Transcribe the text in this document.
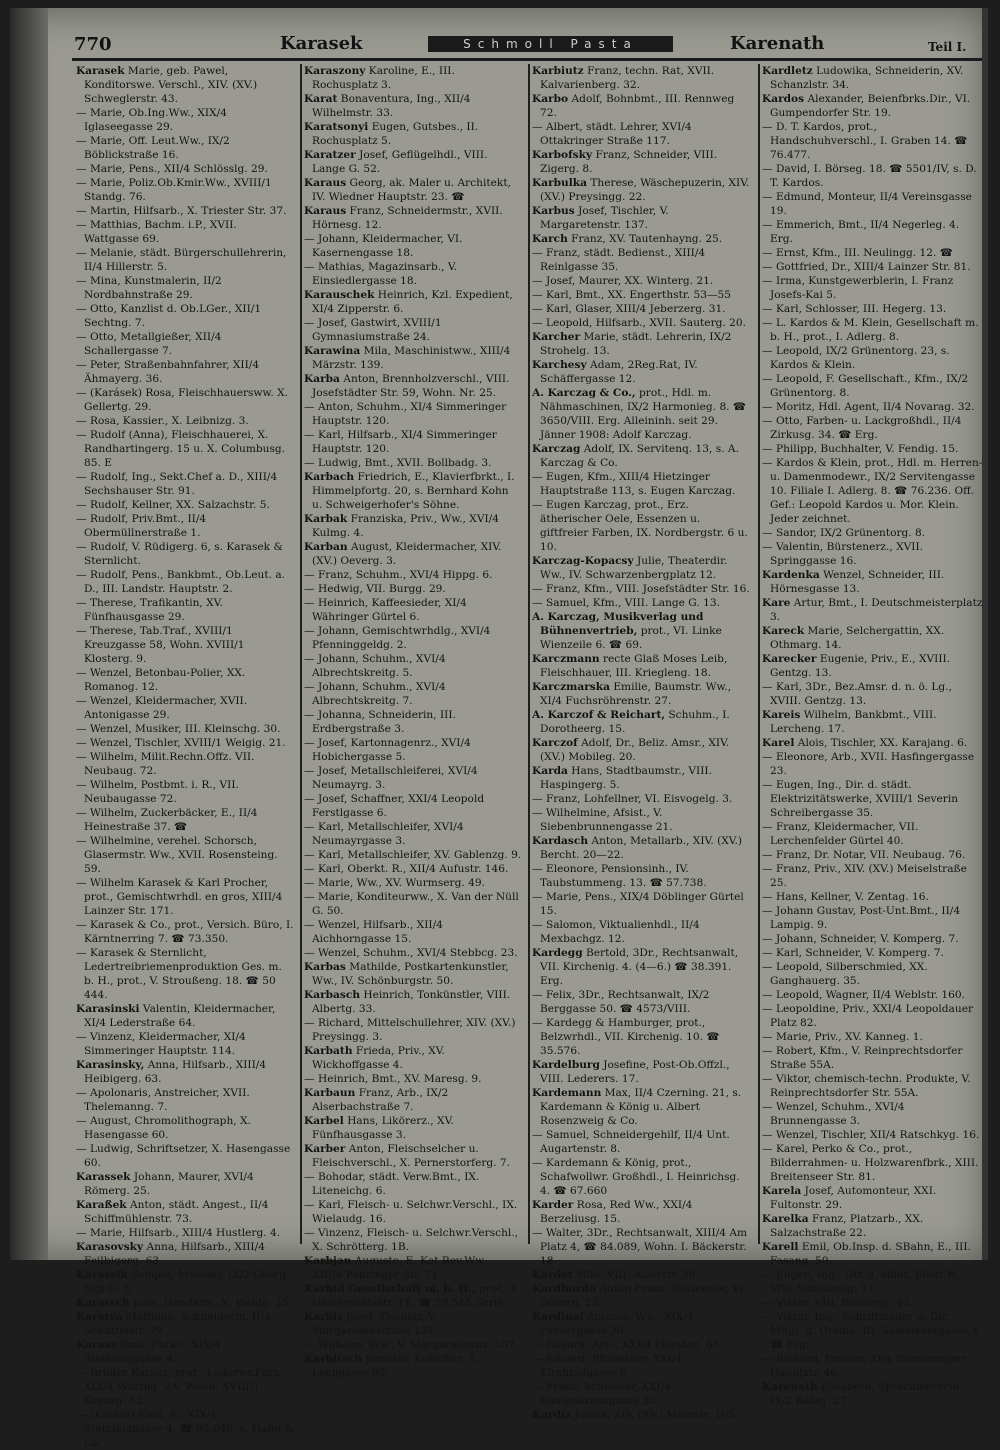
770	Karasek	Schmoll Pasta	Karenath	Teil I.

Karasek Marie, geb. Pawel, Konditorswe. Verschl., XIV. (XV.) Schweglerstr. 43.

— Marie, Ob.Ing.Ww., XIX/4 Iglaseegasse 29.

— Marie, Off. Leut.Ww., IX/2 Böblickstraße 16.

— Marie, Pens., XII/4 Schlösslg. 29.

— Marie, Poliz.Ob.Kmir.Ww., XVIII/1 Standg. 76.

— Martin, Hilfsarb., X. Triester Str. 37.

— Matthias, Bachm. i.P., XVII. Wattgasse 69.

— Melanie, städt. Bürgerschullehrerin, II/4 Hillerstr. 5.

— Mina, Kunstmalerin, II/2 Nordbahnstraße 29.

— Otto, Kanzlist d. Ob.LGer., XII/1 Sechtng. 7.

— Otto, Metallgießer, XII/4 Schallergasse 7.

— Peter, Straßenbahnfahrer, XII/4 Ähmayerg. 36.

— (Karásek) Rosa, Fleischhauersww. X. Gellertg. 29.

— Rosa, Kassier., X. Leibnizg. 3.

— Rudolf (Anna), Fleischhauerei, X. Randhartingerg. 15 u. X. Columbusg. 85. E

— Rudolf, Ing., Sekt.Chef a. D., XIII/4 Sechshauser Str. 91.

— Rudolf, Kellner, XX. Salzachstr. 5.

— Rudolf, Priv.Bmt., II/4 Obermüllnerstraße 1.

— Rudolf, V. Rüdigerg. 6, s. Karasek & Sternlicht.

— Rudolf, Pens., Bankbmt., Ob.Leut. a. D., III. Landstr. Hauptstr. 2.

— Therese, Trafikantin, XV. Fünfhausgasse 29.

— Therese, Tab.Traf., XVIII/1 Kreuzgasse 58, Wohn. XVIII/1 Klosterg. 9.

— Wenzel, Betonbau-Polier, XX. Romanog. 12.

— Wenzel, Kleidermacher, XVII. Antonigasse 29.

— Wenzel, Musiker, III. Kleinschg. 30.

— Wenzel, Tischler, XVIII/1 Weigig. 21.

— Wilhelm, Milit.Rechn.Offz. VII. Neubaug. 72.

— Wilhelm, Postbmt. i. R., VII. Neubaugasse 72.

— Wilhelm, Zuckerbäcker, E., II/4 Heinestraße 37. ☎

— Wilhelmine, verehel. Schorsch, Glasermstr. Ww., XVII. Rosensteing. 59.

— Wilhelm Karasek & Karl Procher, prot., Gemischtwrhdl. en gros, XIII/4 Lainzer Str. 171.

— Karasek & Co., prot., Versich. Büro, I. Kärntnerring 7. ☎ 73.350.

— Karasek & Sternlicht, Ledertreibriemenproduktion Ges. m. b. H., prot., V. Stroußeng. 18. ☎ 50 444.

Karasinski Valentin, Kleidermacher, XI/4 Lederstraße 64.

— Vinzenz, Kleidermacher, XI/4 Simmeringer Hauptstr. 114.

Karasinsky, Anna, Hilfsarb., XIII/4 Heibigerg. 63.

— Apolonaris, Anstreicher, XVII. Thelemanng. 7.

— August, Chromolithograph, X. Hasengasse 60.

— Ludwig, Schriftsetzer, X. Hasengasse 60.

Karassek Johann, Maurer, XVI/4 Römerg. 25.

Karaßek Anton, städt. Angest., II/4 Schiffmühlenstr. 73.

— Marie, Hilfsarb., XIII/4 Hustlerg. 4.

Karasovsky Anna, Hilfsarb., XIII/4 Feilbigerg. 63.

Karassik Semjon, Musiker, IX/2 Georg Sigl G. 5.

Karatsch Julie, Handarb., X. Waldg. 15.

Karatva Mathilde, Schneiderin, II/4 Schüttelstr. 79.

Karasz Emil, Fbrkt., XIX/4 Steinfeldgasse 4.

— Brüder Karasz, prot., Lederwr.Fbrk., XIX/4 Würthg. 2A, Wohn. XVIII/1 Kreuzg. 52.

— (Karász) Emil, E., XIX/4 Steinfeldgasse 4. ☎ 95.040, s. Hahn & Co.

Karaszony Karoline, E., III. Rochusplatz 3.

Karat Bonaventura, Ing., XII/4 Wilhelmstr. 33.

Karatsonyi Eugen, Gutsbes., II. Rochusplatz 5.

Karatzer Josef, Geflügelhdl., VIII. Lange G. 52.

Karaus Georg, ak. Maler u. Architekt, IV. Wiedner Hauptstr. 23. ☎

Karaus Franz, Schneidermstr., XVII. Hörnesg. 12.

— Johann, Kleidermacher, VI. Kasernengasse 18.

— Mathias, Magazinsarb., V. Einsiedlergasse 18.

Karauschek Heinrich, Kzl. Expedient, XI/4 Zipperstr. 6.

— Josef, Gastwirt, XVIII/1 Gymnasiumstraße 24.

Karawina Mila, Maschinistww., XIII/4 Märzstr. 139.

Karba Anton, Brennholzverschl., VIII. Josefstädter Str. 59, Wohn. Nr. 25.

— Anton, Schuhm., XI/4 Simmeringer Hauptstr. 120.

— Karl, Hilfsarb., XI/4 Simmeringer Hauptstr. 120.

— Ludwig, Bmt., XVII. Bollbadg. 3.

Karbach Friedrich, E., Klavierfbrkt., I. Himmelpfortg. 20, s. Bernhard Kohn u. Schweigerhofer's Söhne.

Karbak Franziska, Priv., Ww., XVI/4 Kulmg. 4.

Karban August, Kleidermacher, XIV. (XV.) Oeverg. 3.

— Franz, Schuhm., XVI/4 Hippg. 6.

— Hedwig, VII. Burgg. 29.

— Heinrich, Kaffeesieder, XI/4 Währinger Gürtel 6.

— Johann, Gemischtwrhdlg., XVI/4 Pfenninggeldg. 2.

— Johann, Schuhm., XVI/4 Albrechtskreitg. 5.

— Johann, Schuhm., XVI/4 Albrechtskreitg. 7.

— Johanna, Schneiderin, III. Erdbergstraße 3.

— Josef, Kartonnagenrz., XVI/4 Hobichergasse 5.

— Josef, Metallschleiferei, XVI/4 Neumayrg. 3.

— Josef, Schaffner, XXI/4 Leopold Ferstlgasse 6.

— Karl, Metallschleifer, XVI/4 Neumayrgasse 3.

— Karl, Metallschleifer, XV. Gablenzg. 9.

— Karl, Oberkt. R., XII/4 Aufustr. 146.

— Marie, Ww., XV. Wurmserg. 49.

— Marie, Konditeurww., X. Van der Nüll G. 50.

— Wenzel, Hilfsarb., XII/4 Aichhorngasse 15.

— Wenzel, Schuhm., XVI/4 Stebbcg. 23.

Karbas Mathilde, Postkartenkunstler, Ww., IV. Schönburgstr. 50.

Karbasch Heinrich, Tonkünstler, VIII. Albertg. 33.

— Richard, Mittelschullehrer, XIV. (XV.) Preysingg. 3.

Karbath Frieda, Priv., XV. Wickhoffgasse 4.

— Heinrich, Bmt., XV. Maresg. 9.

Karbaun Franz, Arb., IX/2 Alserbachstraße 7.

Karbel Hans, Likörerz., XV. Fünfhausgasse 3.

Karber Anton, Fleischselcher u. Fleischverschl., X. Pernerstorferg. 7.

— Bohodar, städt. Verw.Bmt., IX. Liteneichg. 6.

— Karl, Fleisch- u. Selchwr.Verschl., IX. Wielaudg. 16.

— Vinzenz, Fleisch- u. Selchwr.Verschl., X. Schrötterg. 1B.

Karbjan Auguste, E. Kat.Rev.Ww., XIII/4 Penzinger Str. 71.

Karbid Gesellschaft m. b. H., prot., I. Universitätsstr. 11. ☎ 39.545 Serie.

Karbis Josef, Tischler, V. Margaretenstraße 137.

— Wilhelm, Ww., V. Margaretenstr. 137.

Karbitsch Jaroslav, Kutscher, X. Leebgasse 98.

Karbiutz Franz, techn. Rat, XVII. Kalvarienberg. 32.

Karbo Adolf, Bohnbmt., III. Rennweg 72.

— Albert, städt. Lehrer, XVI/4 Ottakringer Straße 117.

Karbofsky Franz, Schneider, VIII. Zigerg. 8.

Karbulka Therese, Wäschepuzerin, XIV. (XV.) Preysingg. 22.

Karbus Josef, Tischler, V. Margaretenstr. 137.

Karch Franz, XV. Tautenhayng. 25.

— Franz, städt. Bedienst., XIII/4 Reinlgasse 35.

— Josef, Maurer, XX. Winterg. 21.

— Karl, Bmt., XX. Engerthstr. 53—55

— Karl, Glaser, XIII/4 Jeberzerg. 31.

— Leopold, Hilfsarb., XVII. Sauterg. 20.

Karcher Marie, städt. Lehrerin, IX/2 Strohelg. 13.

Karchesy Adam, 2Reg.Rat, IV. Schäffergasse 12.

A. Karczag & Co., prot., Hdl. m. Nähmaschinen, IX/2 Harmonieg. 8. ☎ 3650/VIII. Erg. Alleininh. seit 29. Jänner 1908: Adolf Karczag.

Karczag Adolf, IX. Servitenq. 13, s. A. Karczag & Co.

— Eugen, Kfm., XIII/4 Hietzinger Hauptstraße 113, s. Eugen Karczag.

— Eugen Karczag, prot., Erz. ätherischer Oele, Essenzen u. giftfreier Farben, IX. Nordbergstr. 6 u. 10.

Karczag-Kopacsy Julie, Theaterdir. Ww., IV. Schwarzenbergplatz 12.

— Franz, Kfm., VIII. Josefstädter Str. 16.

— Samuel, Kfm., VIII. Lange G. 13.

A. Karczag, Musikverlag und Bühnenvertrieb, prot., VI. Linke Wienzeile 6. ☎ 69.

Karczmann recte Glaß Moses Leib, Fleischhauer, III. Kriegleng. 18.

Karczmarska Emilie, Baumstr. Ww., XI/4 Fuchsröhrenstr. 27.

A. Karczof & Reichart, Schuhm., I. Dorotheerg. 15.

Karczof Adolf, Dr., Beliz. Amsr., XIV. (XV.) Mobileg. 20.

Karda Hans, Stadtbaumstr., VIII. Haspingerg. 5.

— Franz, Lohfellner, VI. Eisvogelg. 3.

— Wilhelmine, Afsist., V. Siebenbrunnengasse 21.

Kardasch Anton, Metallarb., XIV. (XV.) Bercht. 20—22.

— Eleonore, Pensionsinh., IV. Taubstummeng. 13. ☎ 57.738.

— Marie, Pens., XIX/4 Döblinger Gürtel 15.

— Salomon, Viktualienhdl., II/4 Mexbachgz. 12.

Kardegg Bertold, 3Dr., Rechtsanwalt, VII. Kirchenig. 4. (4—6.) ☎ 38.391. Erg.

— Felix, 3Dr., Rechtsanwalt, IX/2 Berggasse 50. ☎ 4573/VIII.

— Kardegg & Hamburger, prot., Belzwrhdl., VII. Kirchenig. 10. ☎ 35.576.

Kardelburg Josefine, Post-Ob.Offzl., VIII. Lederers. 17.

Kardemann Max, II/4 Czerning. 21, s. Kardemann & König u. Albert Rosenzweig & Co.

— Samuel, Schneidergehilf, II/4 Unt. Augartenstr. 8.

— Kardemann & König, prot., Schafwollwr. Großhdl., I. Heinrichsg. 4. ☎ 67.660

Karder Rosa, Red Ww., XXI/4 Berzeliusg. 15.

— Walter, 3Dr., Rechtsanwalt, XIII/4 Am Platz 4, ☎ 84.089, Wohn. I. Bäckerstr. 18.

Kardet Mile, VIII. Alserstr. 39.

Kardhordo Anton Franz, Reisender, VI. Dürerg. 23.

Kardinal Antonie, Ww., XIX/4 Panzergasse 30.

— Eduard, Arb., XXI/4 Floridsg. 65.

— Eduard, Pfründner, XXI/4 Kirchhofgasse 6.

— Franz, Schlosser, XXI/4 Rautenkranzgasse 23.

Kardiz Josefa, XIV. (XV.) Märzstr. 105.

Kardletz Ludowika, Schneiderin, XV. Schanzlstr. 34.

Kardos Alexander, Beienfbrks.Dir., VI. Gumpendorfer Str. 19.

— D. T. Kardos, prot., Handschuhverschl., I. Graben 14. ☎ 76.477.

— David, I. Börseg. 18. ☎ 5501/IV, s. D. T. Kardos.

— Edmund, Monteur, II/4 Vereinsgasse 19.

— Emmerich, Bmt., II/4 Negerleg. 4. Erg.

— Ernst, Kfm., III. Neulingg. 12. ☎

— Gottfried, Dr., XIII/4 Lainzer Str. 81.

— Irma, Kunstgewerblerin, I. Franz Josefs-Kai 5.

— Karl, Schlosser, III. Hegerg. 13.

— L. Kardos & M. Klein, Gesellschaft m. b. H., prot., I. Adlerg. 8.

— Leopold, IX/2 Grünentorg. 23, s. Kardos & Klein.

— Leopold, F. Gesellschaft., Kfm., IX/2 Grünentorg. 8.

— Moritz, Hdl. Agent, II/4 Novarag. 32.

— Otto, Farben- u. Lackgroßhdl., II/4 Zirkusg. 34. ☎ Erg.

— Philipp, Buchhalter, V. Fendig. 15.

— Kardos & Klein, prot., Hdl. m. Herren- u. Damenmodewr., IX/2 Servitengasse 10. Filiale I. Adlerg. 8. ☎ 76.236. Off. Gef.: Leopold Kardos u. Mor. Klein. Jeder zeichnet.

— Sandor, IX/2 Grünentorg. 8.

— Valentin, Bürstenerz., XVII. Springgasse 16.

Kardenka Wenzel, Schneider, III. Hörnesgasse 13.

Kare Artur, Bmt., I. Deutschmeisterplatz 3.

Kareck Marie, Selchergattin, XX. Othmarg. 14.

Karecker Eugenie, Priv., E., XVIII. Gentzg. 13.

— Karl, 3Dr., Bez.Amsr. d. n. ö. Lg., XVIII. Gentzg. 13.

Kareis Wilhelm, Bankbmt., VIII. Lercheng. 17.

Karel Alois, Tischler, XX. Karajang. 6.

— Eleonore, Arb., XVII. Hasfingergasse 23.

— Eugen, Ing., Dir. d. städt. Elektrizitätswerke, XVIII/1 Severin Schreibergasse 35.

— Franz, Kleidermacher, VII. Lerchenfelder Gürtel 40.

— Franz, Dr. Notar, VII. Neubaug. 76.

— Franz, Priv., XIV. (XV.) Meiselstraße 25.

— Hans, Kellner, V. Zentag. 16.

— Johann Gustav, Post-Unt.Bmt., II/4 Lampig. 9.

— Johann, Schneider, V. Komperg. 7.

— Karl, Schneider, V. Komperg. 7.

— Leopold, Silberschmied, XX. Ganghauerg. 35.

— Leopold, Wagner, II/4 Weblstr. 160.

— Leopoldine, Priv., XXI/4 Leopoldauer Platz 82.

— Marie, Priv., XV. Kanneg. 1.

— Robert, Kfm., V. Reinprechtsdorfer Straße 55A.

— Viktor, chemisch-techn. Produkte, V. Reinprechtsdorfer Str. 55A.

— Wenzel, Schuhm., XVI/4 Brunnengasse 3.

— Wenzel, Tischler, XII/4 Ratschkyg. 16.

— Karel, Perko & Co., prot., Bilderrahmen- u. Holzwarenfbrk., XIII. Breitenseer Str. 81.

Karela Josef, Automonteur, XXI. Fultonstr. 29.

Karelka Franz, Platzarb., XX. Salzachstraße 22.

Karell Emil, Ob.Insp. d. SBahn, E., III. Fasang. 50.

— Eugen, Ing., Dir. d. städt. Elekt.W., VIII. Schlösselg. 11.

— Viktor, VIII. Blindeng. 42.

— Viktor, Ing., Schriftsteller u. Dir. Mitgl. d. Urania, III. Salesianergasse 4. ☎ Erg.

— Richard, Friseur, XI/4 Simmeringer Hauptstr. 46.

Karenath Elisabeth, Sprachlehrerin, IX/2 Bafag. 27.
